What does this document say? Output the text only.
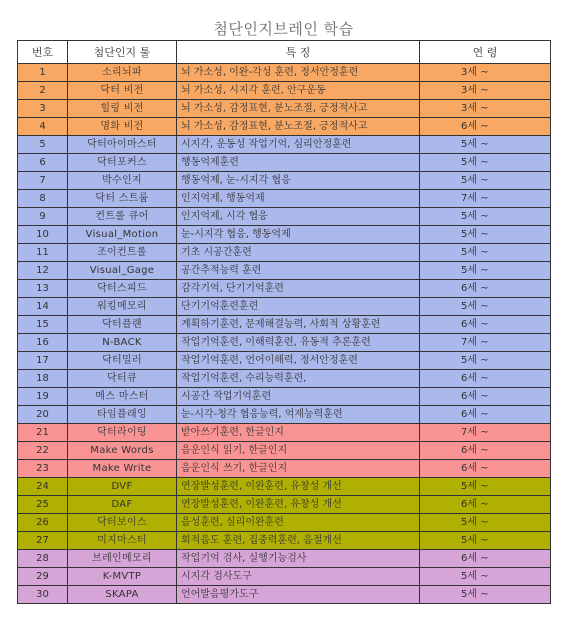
첨단인지브레인 학습
번호	첨단인지 툴	특 징	연 령
1	소리뇌파	뇌 가소성, 이완-각성 훈련, 정서안정훈련	3세 ~
2	닥터 비전	뇌 가소성, 시지각 훈련, 안구운동	3세 ~
3	힐링 비전	뇌 가소성, 감정표현, 분노조절, 긍정적사고	3세 ~
4	명화 비전	뇌 가소성, 감정표현, 분노조절, 긍정적사고	6세 ~
5	닥터아이마스터	시지각, 운동성 작업기억, 심리안정훈련	5세 ~
6	닥터포커스	행동억제훈련	5세 ~
7	박수인지	행동억제, 눈-시지각 협응	5세 ~
8	닥터 스트룹	인지억제, 행동억제	7세 ~
9	컨트롤 큐어	인지억제, 시각 협응	5세 ~
10	Visual_Motion	눈-시지각 협응, 행동억제	5세 ~
11	조이컨트롤	기초 시공간훈련	5세 ~
12	Visual_Gage	공간추적능력 훈련	5세 ~
13	닥터스피드	감각기억, 단기기억훈련	6세 ~
14	워킹메모리	단기기억훈련훈련	5세 ~
15	닥터플랜	계획하기훈련, 문제해결능력, 사회적 상황훈련	6세 ~
16	N-BACK	작업기억훈련, 이해력훈련, 유동적 추론훈련	7세 ~
17	닥터밀러	작업기억훈련, 언어이해력, 정서안정훈련	5세 ~
18	닥터큐	작업기억훈련, 수리능력훈련,	6세 ~
19	메스 마스터	시공간 작업기억훈련	6세 ~
20	타임플래잉	눈-시각-청각 협응능력, 억제능력훈련	6세 ~
21	닥터라이팅	받아쓰기훈련, 한글인지	7세 ~
22	Make Words	음운인식 읽기, 한글인지	6세 ~
23	Make Write	음운인식 쓰기, 한글인지	6세 ~
24	DVF	연장발성훈련, 이완훈련, 유창성 개선	5세 ~
25	DAF	연장발성훈련, 이완훈련, 유창성 개선	6세 ~
26	닥터보이스	음성훈련, 심리이완훈련	5세 ~
27	미지마스터	회적음도 훈련, 집중력훈련, 음절개선	5세 ~
28	브레인메모리	작업기억 검사, 실행기능검사	6세 ~
29	K-MVTP	시지각 검사도구	5세 ~
30	SKAPA	언어발음평가도구	5세 ~
